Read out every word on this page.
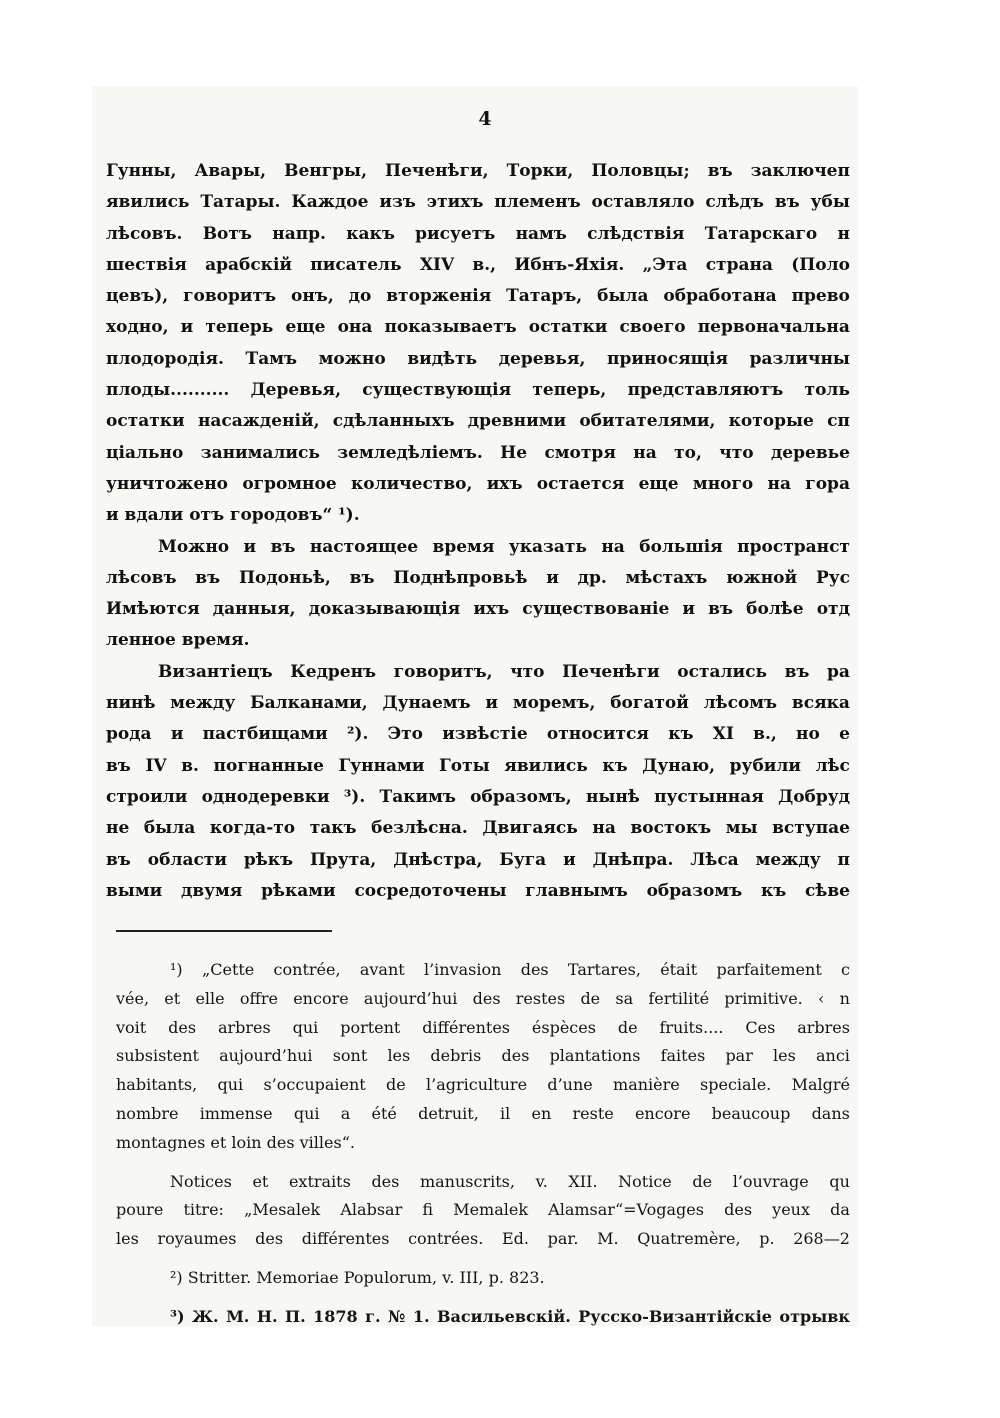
4
Гунны, Авары, Венгры, Печенѣги, Торки, Половцы; въ заключеп
явились Татары. Каждое изъ этихъ племенъ оставляло слѣдъ въ убы
лѣсовъ. Вотъ напр. какъ рисуетъ намъ слѣдствія Татарскаго н
шествія арабскій писатель XIV в., Ибнъ-Яхія. „Эта страна (Поло
цевъ), говоритъ онъ, до вторженія Татаръ, была обработана прево
ходно, и теперь еще она показываетъ остатки своего первоначальна
плодородія. Тамъ можно видѣть деревья, приносящія различны
плоды.......... Деревья, существующія теперь, представляютъ толь
остатки насажденій, сдѣланныхъ древними обитателями, которые сп
ціально занимались земледѣліемъ. Не смотря на то, что деревье
уничтожено огромное количество, ихъ остается еще много на гора
и вдали отъ городовъ“ ¹).
Можно и въ настоящее время указать на большія пространст
лѣсовъ въ Подоньѣ, въ Поднѣпровьѣ и др. мѣстахъ южной Рус
Имѣются данныя, доказывающія ихъ существованіе и въ болѣе отд
ленное время.
Византіецъ Кедренъ говоритъ, что Печенѣги остались въ ра
нинѣ между Балканами, Дунаемъ и моремъ, богатой лѣсомъ всяка
рода и пастбищами ²). Это извѣстіе относится къ XI в., но е
въ IV в. погнанные Гуннами Готы явились къ Дунаю, рубили лѣс
строили однодеревки ³). Такимъ образомъ, нынѣ пустынная Добруд
не была когда-то такъ безлѣсна. Двигаясь на востокъ мы вступае
въ области рѣкъ Прута, Днѣстра, Буга и Днѣпра. Лѣса между п
выми двумя рѣками сосредоточены главнымъ образомъ къ сѣве
¹) „Cette contrée, avant l’invasion des Tartares, était parfaitement c
vée, et elle offre encore aujourd’hui des restes de sa fertilité primitive. ‹ n
voit des arbres qui portent différentes éspèces de fruits.... Ces arbres
subsistent aujourd’hui sont les debris des plantations faites par les anci
habitants, qui s’occupaient de l’agriculture d’une manière speciale. Malgré
nombre immense qui a été detruit, il en reste encore beaucoup dans
montagnes et loin des villes“.
Notices et extraits des manuscrits, v. XII. Notice de l’ouvrage qu
poure titre: „Mesalek Alabsar fi Memalek Alamsar“=Vogages des yeux da
les royaumes des différentes contrées. Ed. par. M. Quatremère, p. 268—2
²) Stritter. Memoriae Populorum, v. III, p. 823.
³) Ж. М. Н. П. 1878 г. № 1. Васильевскій. Русско-Византійскіе отрывк
